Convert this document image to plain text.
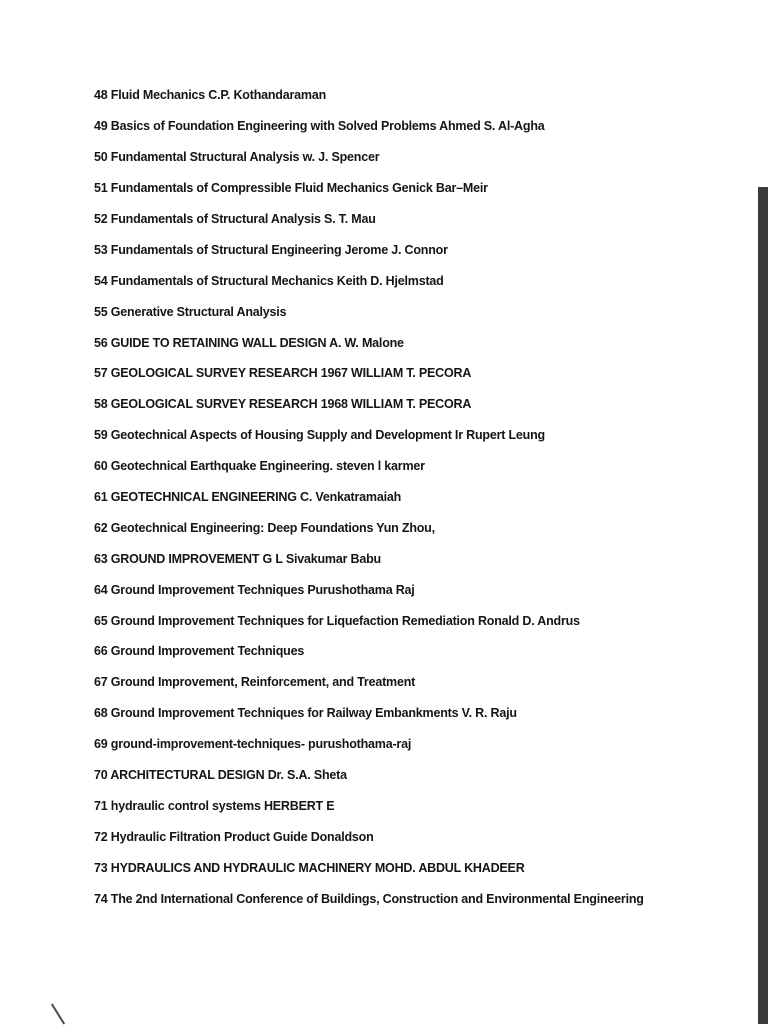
48 Fluid Mechanics C.P. Kothandaraman
49 Basics of Foundation Engineering with Solved Problems Ahmed S. Al-Agha
50 Fundamental Structural Analysis w. J. Spencer
51 Fundamentals of Compressible Fluid Mechanics Genick Bar–Meir
52 Fundamentals of Structural Analysis S. T. Mau
53 Fundamentals of Structural Engineering Jerome J. Connor
54 Fundamentals of Structural Mechanics Keith D. Hjelmstad
55 Generative Structural Analysis
56 GUIDE TO RETAINING WALL DESIGN A. W. Malone
57 GEOLOGICAL SURVEY RESEARCH 1967 WILLIAM T. PECORA
58 GEOLOGICAL SURVEY RESEARCH 1968 WILLIAM T. PECORA
59 Geotechnical Aspects of Housing Supply and Development Ir Rupert Leung
60 Geotechnical Earthquake Engineering. steven l karmer
61 GEOTECHNICAL ENGINEERING C. Venkatramaiah
62 Geotechnical Engineering: Deep Foundations Yun Zhou,
63 GROUND IMPROVEMENT G L Sivakumar Babu
64 Ground Improvement Techniques Purushothama Raj
65 Ground Improvement Techniques for Liquefaction Remediation Ronald D. Andrus
66 Ground Improvement Techniques
67 Ground Improvement, Reinforcement, and Treatment
68 Ground Improvement Techniques for Railway Embankments V. R. Raju
69 ground-improvement-techniques- purushothama-raj
70 ARCHITECTURAL DESIGN Dr. S.A. Sheta
71 hydraulic control systems HERBERT E
72 Hydraulic Filtration Product Guide Donaldson
73 HYDRAULICS AND HYDRAULIC MACHINERY MOHD. ABDUL KHADEER
74 The 2nd International Conference of Buildings, Construction and Environmental Engineering
